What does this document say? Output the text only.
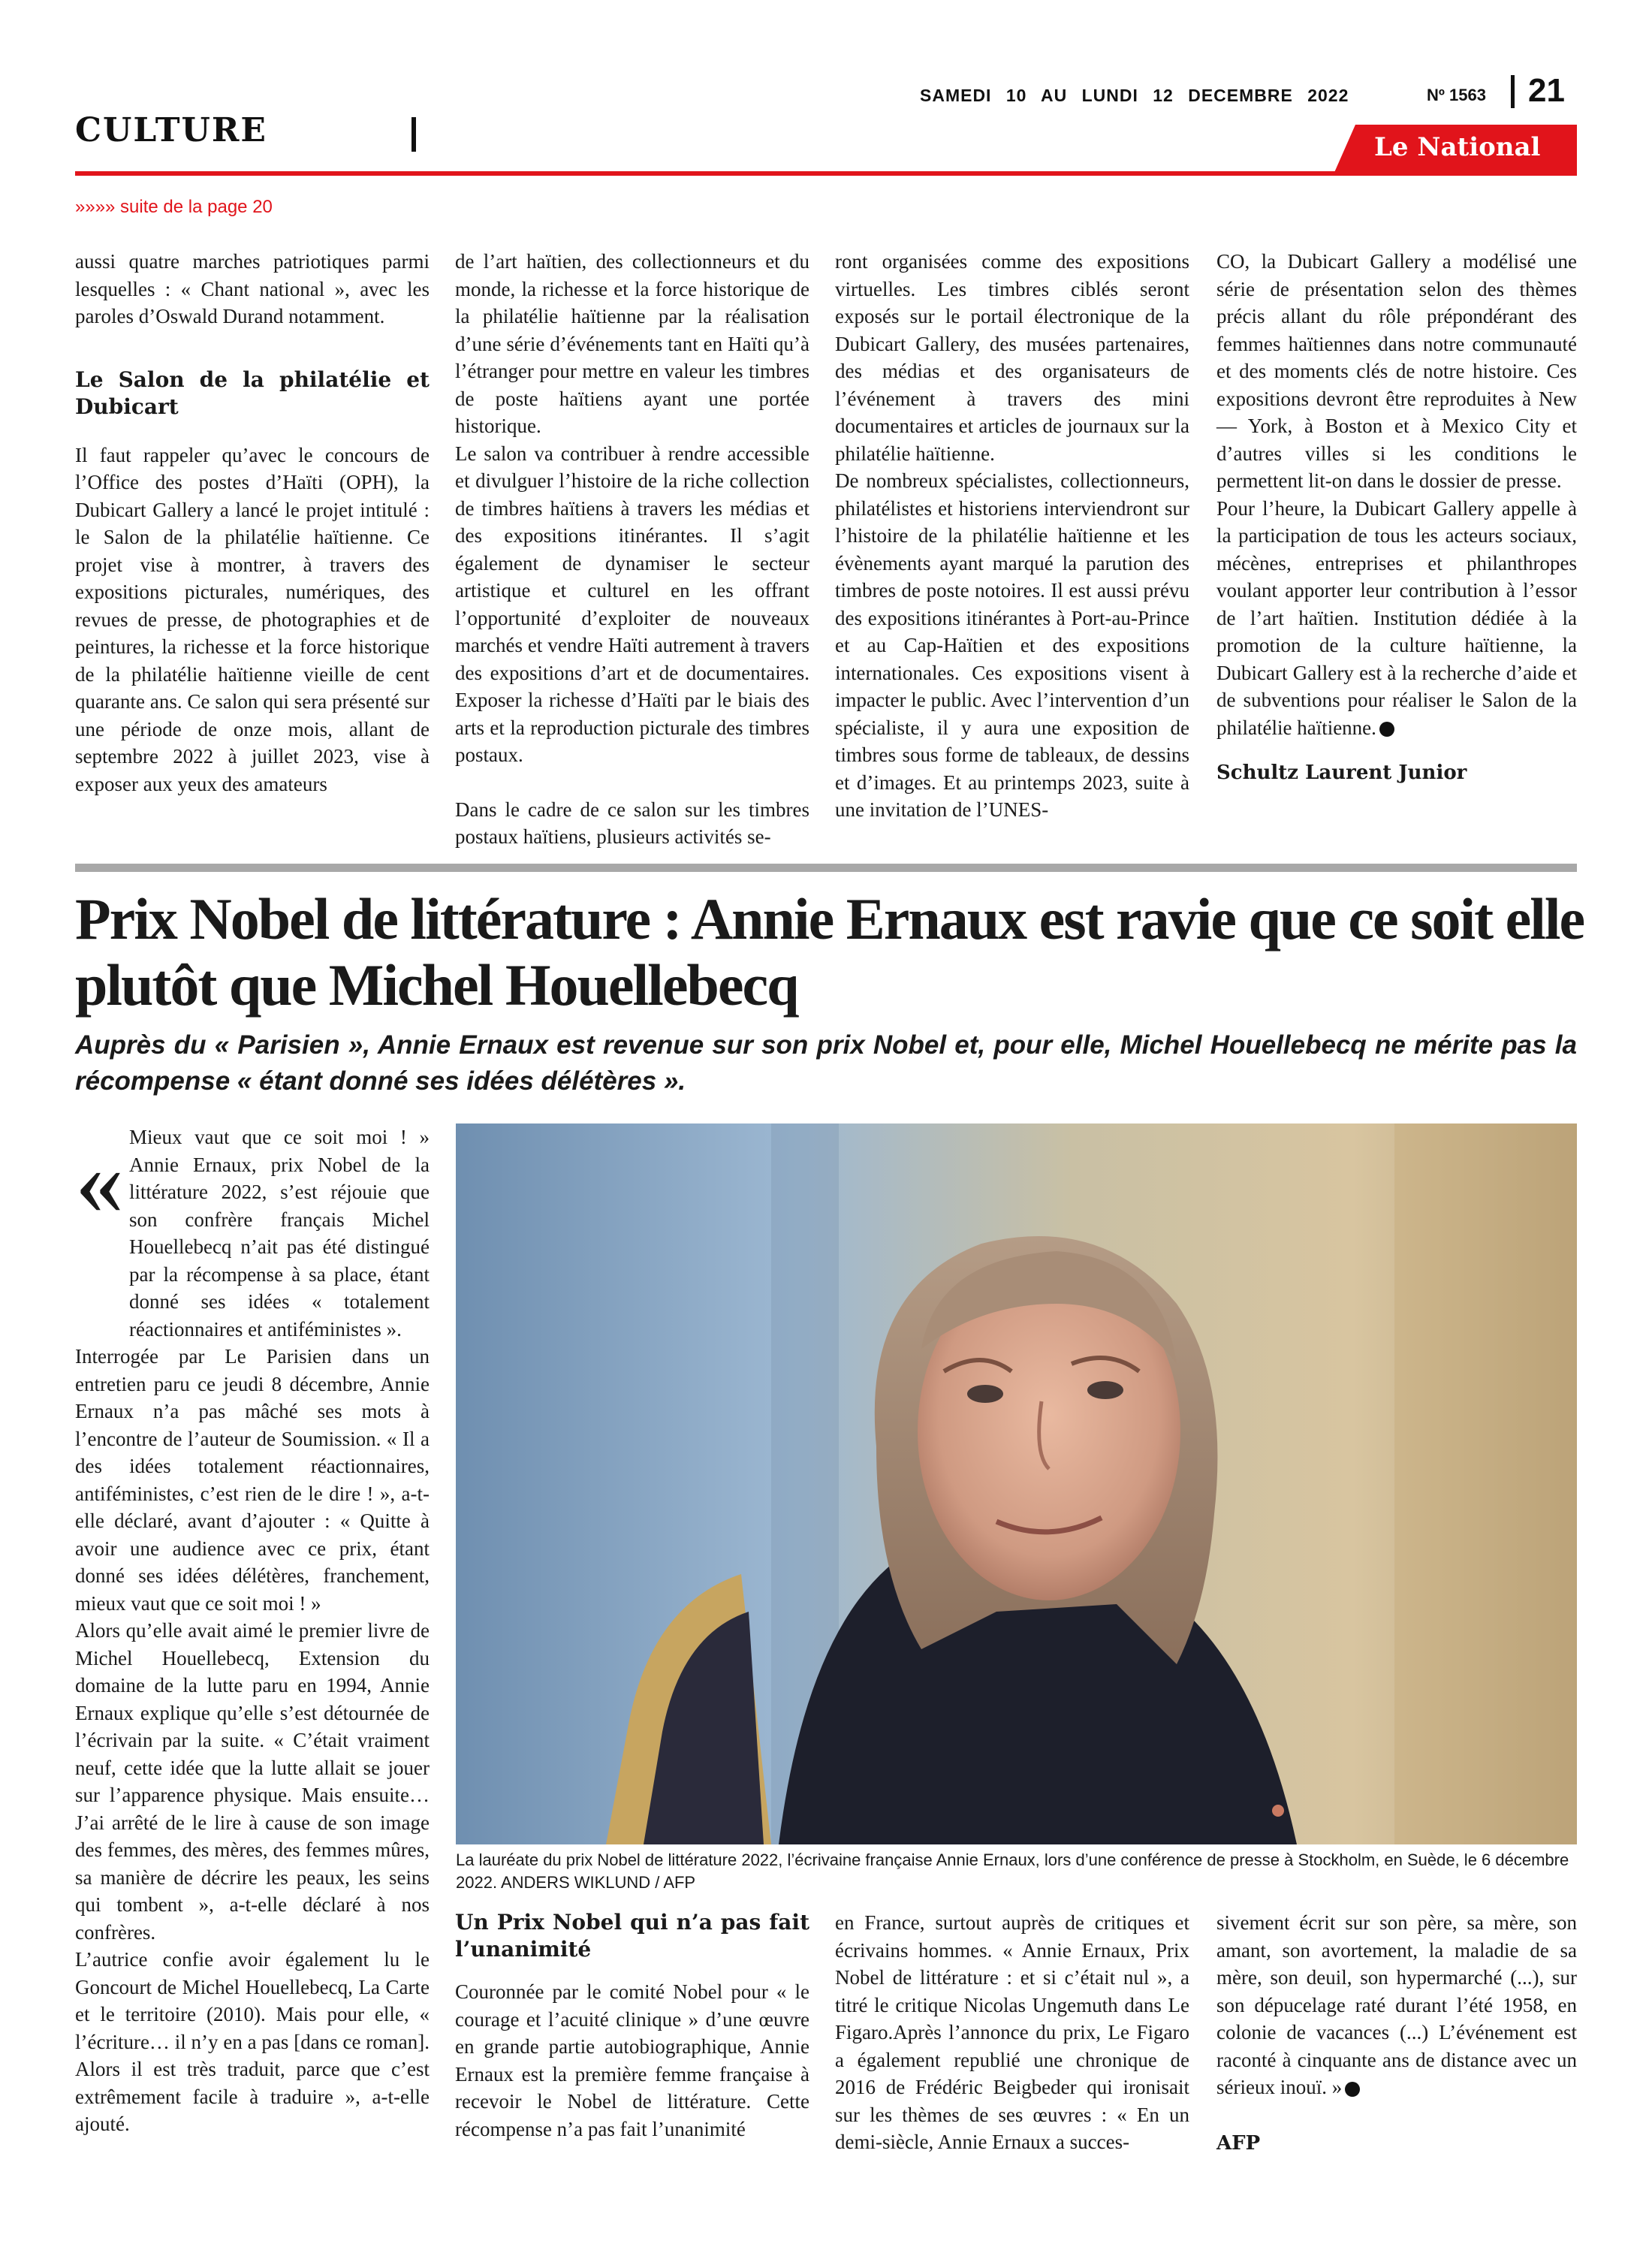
CULTURE
SAMEDI 10 AU LUNDI 12 DECEMBRE 2022	Nº 1563 21
Le National
»»»» suite de la page 20

aussi quatre marches patriotiques parmi lesquelles : « Chant national », avec les paroles d’Oswald Durand notamment.

Le Salon de la philatélie et Dubicart

Il faut rappeler qu’avec le concours de l’Office des postes d’Haïti (OPH), la Dubicart Gallery a lancé le projet intitulé : le Salon de la philatélie haïtienne. Ce projet vise à montrer, à travers des expositions picturales, numériques, des revues de presse, de photographies et de peintures, la richesse et la force historique de la philatélie haïtienne vieille de cent quarante ans. Ce salon qui sera présenté sur une période de onze mois, allant de septembre 2022 à juillet 2023, vise à exposer aux yeux des amateurs

de l’art haïtien, des collectionneurs et du monde, la richesse et la force historique de la philatélie haïtienne par la réalisation d’une série d’événements tant en Haïti qu’à l’étranger pour mettre en valeur les timbres de poste haïtiens ayant une portée historique.

Le salon va contribuer à rendre accessible et divulguer l’histoire de la riche collection de timbres haïtiens à travers les médias et des expositions itinérantes. Il s’agit également de dynamiser le secteur artistique et culturel en les offrant l’opportunité d’exploiter de nouveaux marchés et vendre Haïti autrement à travers des expositions d’art et de documentaires. Exposer la richesse d’Haïti par le biais des arts et la reproduction picturale des timbres postaux.

Dans le cadre de ce salon sur les timbres postaux haïtiens, plusieurs activités se-

ront organisées comme des expositions virtuelles. Les timbres ciblés seront exposés sur le portail électronique de la Dubicart Gallery, des musées partenaires, des médias et des organisateurs de l’événement à travers des mini documentaires et articles de journaux sur la philatélie haïtienne.

De nombreux spécialistes, collectionneurs, philatélistes et historiens interviendront sur l’histoire de la philatélie haïtienne et les évènements ayant marqué la parution des timbres de poste notoires. Il est aussi prévu des expositions itinérantes à Port-au-Prince et au Cap-Haïtien et des expositions internationales. Ces expositions visent à impacter le public. Avec l’intervention d’un spécialiste, il y aura une exposition de timbres sous forme de tableaux, de dessins et d’images. Et au printemps 2023, suite à une invitation de l’UNES-

CO, la Dubicart Gallery a modélisé une série de présentation selon des thèmes précis allant du rôle prépondérant des femmes haïtiennes dans notre communauté et des moments clés de notre histoire. Ces expositions devront être reproduites à New — York, à Boston et à Mexico City et d’autres villes si les conditions le permettent lit-on dans le dossier de presse.

Pour l’heure, la Dubicart Gallery appelle à la participation de tous les acteurs sociaux, mécènes, entreprises et philanthropes voulant apporter leur contribution à l’essor de l’art haïtien. Institution dédiée à la promotion de la culture haïtienne, la Dubicart Gallery est à la recherche d’aide et de subventions pour réaliser le Salon de la philatélie haïtienne.

Schultz Laurent Junior
Prix Nobel de littérature : Annie Ernaux est ravie que ce soit elle plutôt que Michel Houellebecq
Auprès du « Parisien », Annie Ernaux est revenue sur son prix Nobel et, pour elle, Michel Houellebecq ne mérite pas la récompense « étant donné ses idées délétères ».
« Mieux vaut que ce soit moi ! » Annie Ernaux, prix Nobel de la littérature 2022, s’est réjouie que son confrère français Michel Houellebecq n’ait pas été distingué par la récompense à sa place, étant donné ses idées « totalement réactionnaires et antiféministes ».

Interrogée par Le Parisien dans un entretien paru ce jeudi 8 décembre, Annie Ernaux n’a pas mâché ses mots à l’encontre de l’auteur de Soumission. « Il a des idées totalement réactionnaires, antiféministes, c’est rien de le dire ! », a-t-elle déclaré, avant d’ajouter : « Quitte à avoir une audience avec ce prix, étant donné ses idées délétères, franchement, mieux vaut que ce soit moi ! »

Alors qu’elle avait aimé le premier livre de Michel Houellebecq, Extension du domaine de la lutte paru en 1994, Annie Ernaux explique qu’elle s’est détournée de l’écrivain par la suite. « C’était vraiment neuf, cette idée que la lutte allait se jouer sur l’apparence physique. Mais ensuite… J’ai arrêté de le lire à cause de son image des femmes, des mères, des femmes mûres, sa manière de décrire les peaux, les seins qui tombent », a-t-elle déclaré à nos confrères.

L’autrice confie avoir également lu le Goncourt de Michel Houellebecq, La Carte et le territoire (2010). Mais pour elle, « l’écriture… il n’y en a pas [dans ce roman]. Alors il est très traduit, parce que c’est extrêmement facile à traduire », a-t-elle ajouté.

La lauréate du prix Nobel de littérature 2022, l’écrivaine française Annie Ernaux, lors d’une conférence de presse à Stockholm, en Suède, le 6 décembre 2022. ANDERS WIKLUND / AFP
Un Prix Nobel qui n’a pas fait l’unanimité

Couronnée par le comité Nobel pour « le courage et l’acuité clinique » d’une œuvre en grande partie autobiographique, Annie Ernaux est la première femme française à recevoir le Nobel de littérature. Cette récompense n’a pas fait l’unanimité

en France, surtout auprès de critiques et écrivains hommes. « Annie Ernaux, Prix Nobel de littérature : et si c’était nul », a titré le critique Nicolas Ungemuth dans Le Figaro.Après l’annonce du prix, Le Figaro a également republié une chronique de 2016 de Frédéric Beigbeder qui ironisait sur les thèmes de ses œuvres : « En un demi-siècle, Annie Ernaux a succes-

sivement écrit sur son père, sa mère, son amant, son avortement, la maladie de sa mère, son deuil, son hypermarché (...), sur son dépucelage raté durant l’été 1958, en colonie de vacances (...) L’événement est raconté à cinquante ans de distance avec un sérieux inouï. »

AFP
